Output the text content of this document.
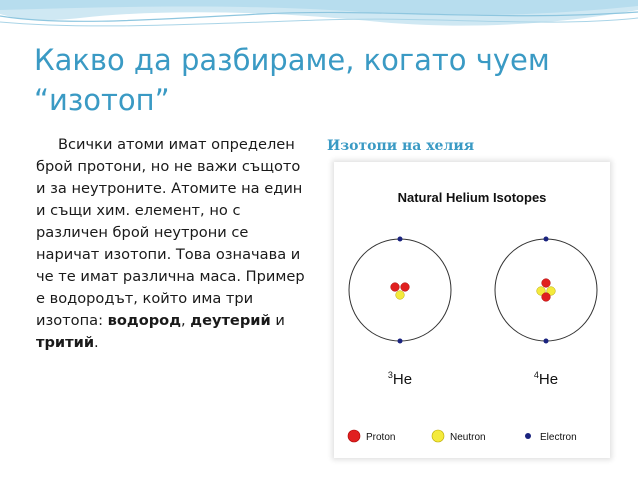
Какво да разбираме, когато чуем “изотоп”
Всички атоми имат определен брой протони, но не важи същото и за неутроните. Атомите на един и същи хим. елемент, но с различен брой неутрони се наричат изотопи. Това означава и че те имат различна маса. Пример е водородът, който има три изотопа: водород, деутерий и тритий.
Изотопи на хелия
Natural Helium Isotopes
$^3$He	$^4$He
Proton	Neutron	Electron
